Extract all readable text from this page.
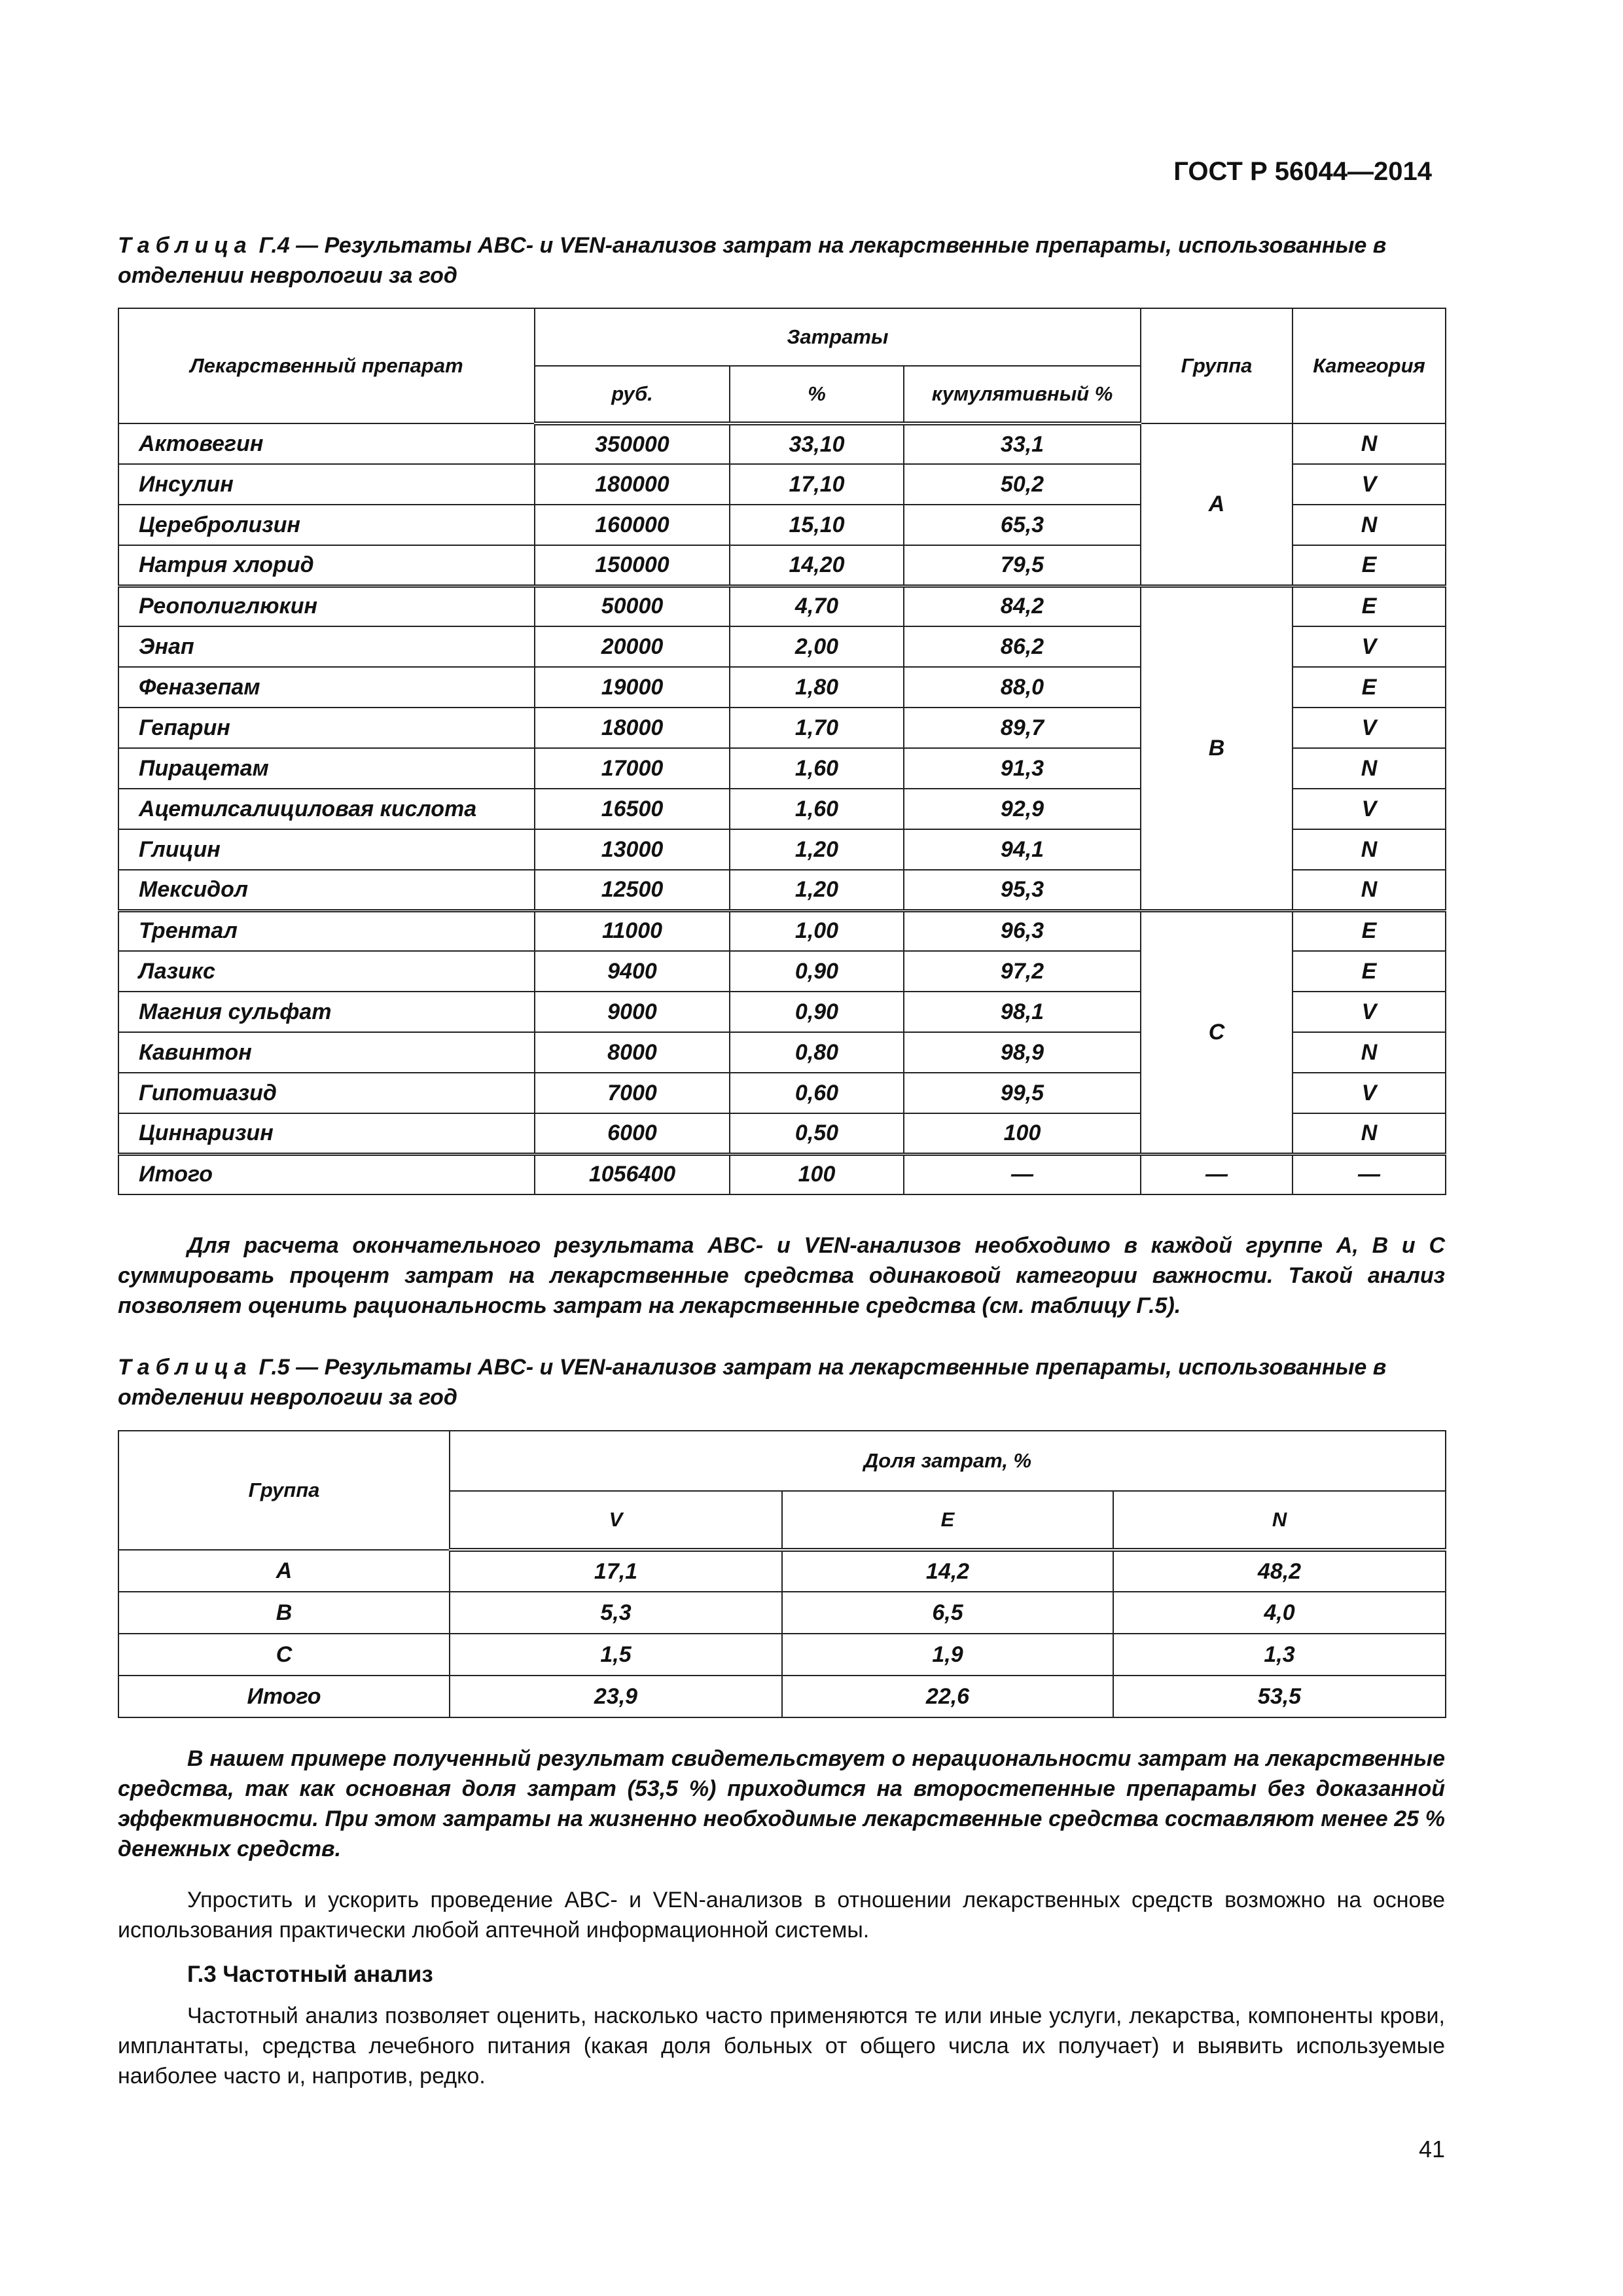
ГОСТ Р 56044—2014
Таблица Г.4 — Результаты ABC- и VEN-анализов затрат на лекарственные препараты, использованные в отделении неврологии за год
Лекарственный препарат	Затраты			Группа	Категория
	руб.	%	кумулятивный %		
Актовегин	350000	33,10	33,1	A	N
Инсулин	180000	17,10	50,2		V
Церебролизин	160000	15,10	65,3		N
Натрия хлорид	150000	14,20	79,5		E
Реополиглюкин	50000	4,70	84,2	B	E
Энап	20000	2,00	86,2		V
Феназепам	19000	1,80	88,0		E
Гепарин	18000	1,70	89,7		V
Пирацетам	17000	1,60	91,3		N
Ацетилсалициловая кислота	16500	1,60	92,9		V
Глицин	13000	1,20	94,1		N
Мексидол	12500	1,20	95,3		N
Трентал	11000	1,00	96,3	C	E
Лазикс	9400	0,90	97,2		E
Магния сульфат	9000	0,90	98,1		V
Кавинтон	8000	0,80	98,9		N
Гипотиазид	7000	0,60	99,5		V
Циннаризин	6000	0,50	100		N
Итого	1056400	100	—	—	—
Для расчета окончательного результата ABC- и VEN-анализов необходимо в каждой группе А, В и С суммировать процент затрат на лекарственные средства одинаковой категории важности. Такой анализ позволяет оценить рациональность затрат на лекарственные средства (см. таблицу Г.5).
Таблица Г.5 — Результаты ABC- и VEN-анализов затрат на лекарственные препараты, использованные в отделении неврологии за год
Группа	Доля затрат, %		
	V	E	N
А	17,1	14,2	48,2
В	5,3	6,5	4,0
С	1,5	1,9	1,3
Итого	23,9	22,6	53,5
В нашем примере полученный результат свидетельствует о нерациональности затрат на лекарственные средства, так как основная доля затрат (53,5 %) приходится на второстепенные препараты без доказанной эффективности. При этом затраты на жизненно необходимые лекарственные средства составляют менее 25 % денежных средств.
Упростить и ускорить проведение ABC- и VEN-анализов в отношении лекарственных средств возможно на основе использования практически любой аптечной информационной системы.
Г.3 Частотный анализ
Частотный анализ позволяет оценить, насколько часто применяются те или иные услуги, лекарства, компоненты крови, имплантаты, средства лечебного питания (какая доля больных от общего числа их получает) и выявить используемые наиболее часто и, напротив, редко.
41
